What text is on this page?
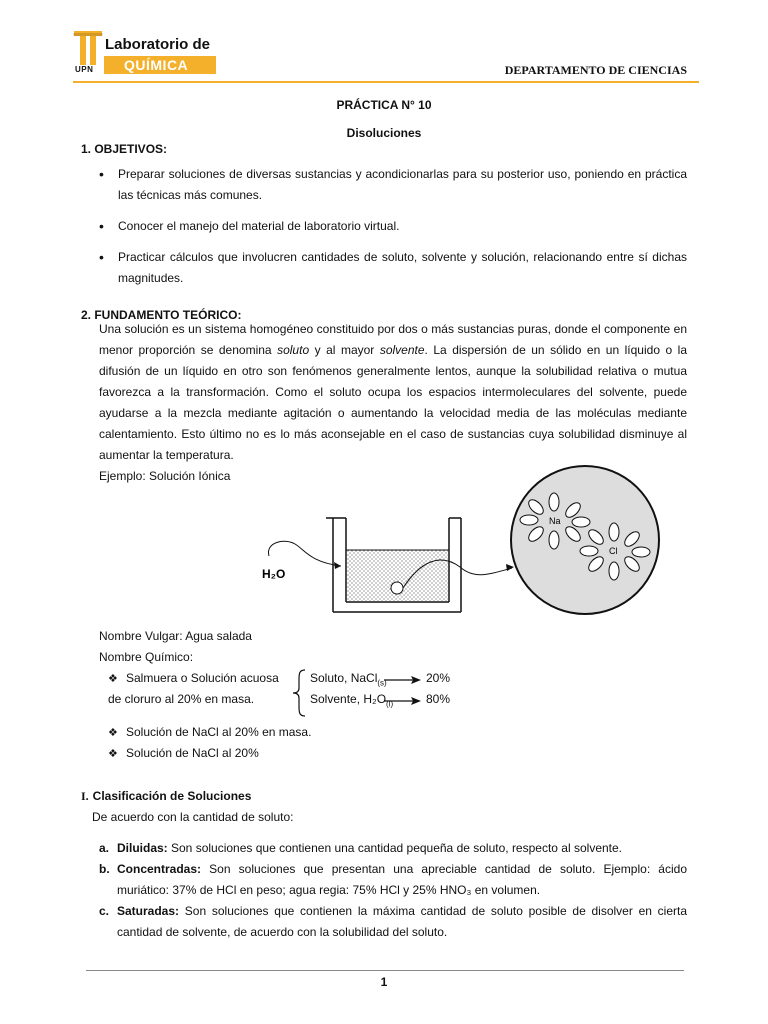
UPN
Laboratorio de
QUÍMICA	DEPARTAMENTO DE CIENCIAS
PRÁCTICA N° 10
Disoluciones
1. OBJETIVOS:
• Preparar soluciones de diversas sustancias y acondicionarlas para su posterior uso, poniendo en práctica las técnicas más comunes.
• Conocer el manejo del material de laboratorio virtual.
• Practicar cálculos que involucren cantidades de soluto, solvente y solución, relacionando entre sí dichas magnitudes.
2. FUNDAMENTO TEÓRICO:
Una solución es un sistema homogéneo constituido por dos o más sustancias puras, donde el componente en menor proporción se denomina soluto y al mayor solvente. La dispersión de un sólido en un líquido o la difusión de un líquido en otro son fenómenos generalmente lentos, aunque la solubilidad relativa o mutua favorezca a la transformación. Como el soluto ocupa los espacios intermoleculares del solvente, puede ayudarse a la mezcla mediante agitación o aumentando la velocidad media de las moléculas mediante calentamiento. Esto último no es lo más aconsejable en el caso de sustancias cuya solubilidad disminuye al aumentar la temperatura.
Ejemplo: Solución Iónica
H₂O
Na
Cl
Nombre Vulgar: Agua salada
Nombre Químico:
❖ Salmuera o Solución acuosa
de cloruro al 20% en masa.
Soluto, NaCl$_{(s)}$	20%
Solvente, $H_2O_{(l)}$	80%
❖ Solución de NaCl al 20% en masa.
❖ Solución de NaCl al 20%
I. Clasificación de Soluciones
De acuerdo con la cantidad de soluto:
a. Diluidas: Son soluciones que contienen una cantidad pequeña de soluto, respecto al solvente.
b. Concentradas: Son soluciones que presentan una apreciable cantidad de soluto. Ejemplo: ácido muriático: 37% de HCl en peso; agua regia: 75% HCl y 25% HNO₃ en volumen.
c. Saturadas: Son soluciones que contienen la máxima cantidad de soluto posible de disolver en cierta cantidad de solvente, de acuerdo con la solubilidad del soluto.
1
